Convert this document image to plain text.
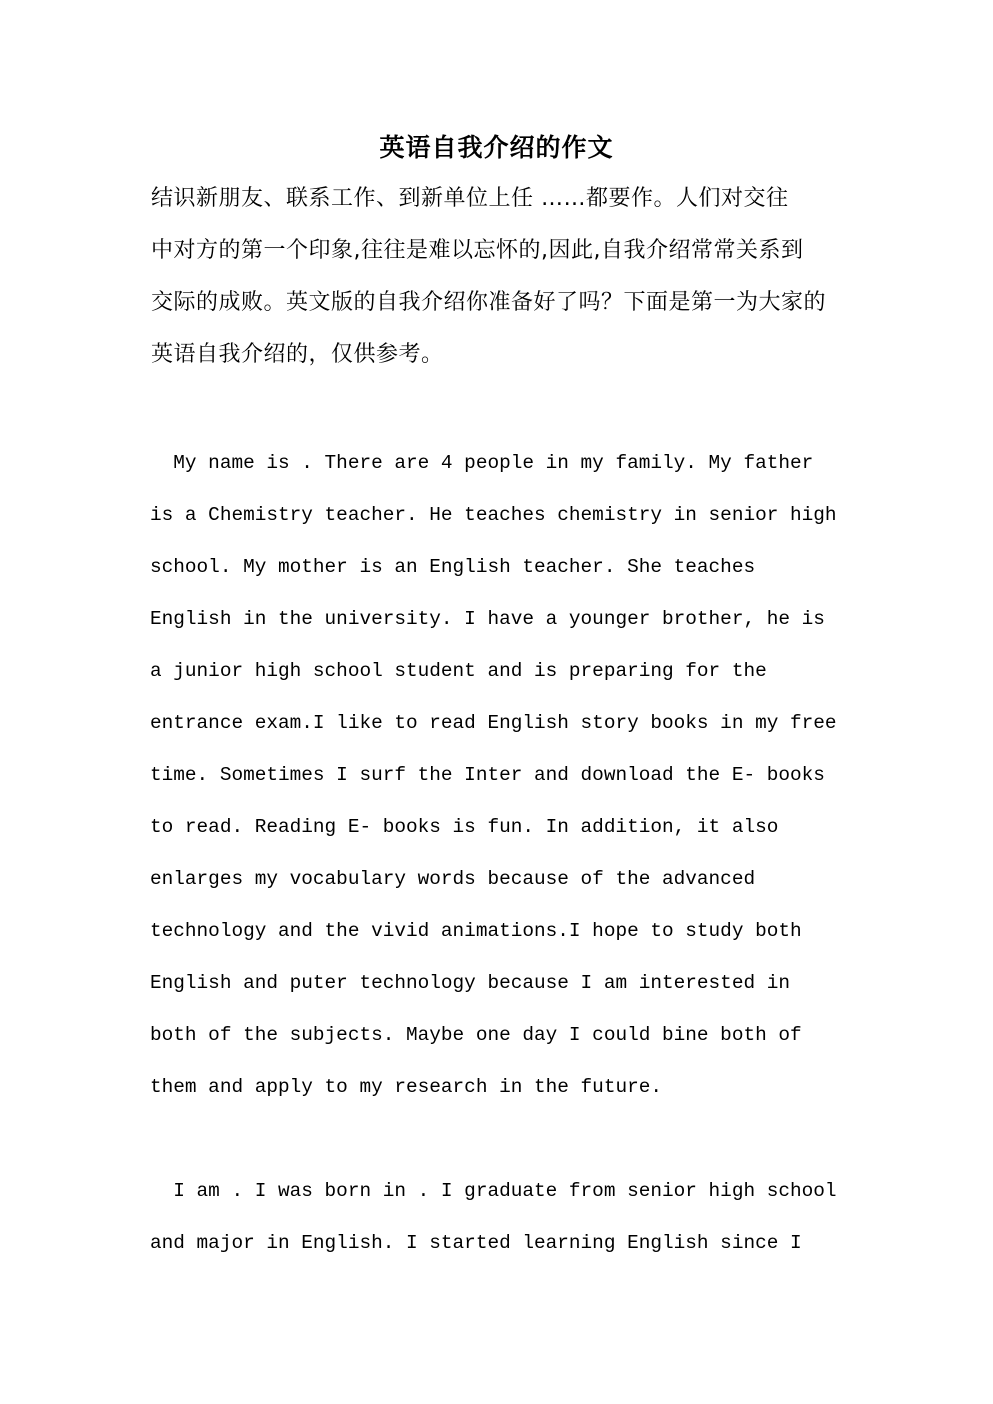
英语自我介绍的作文
结识新朋友、联系工作、到新单位上任 ……都要作。人们对交往
中对方的第一个印象,往往是难以忘怀的,因此,自我介绍常常关系到
交际的成败。英文版的自我介绍你准备好了吗？下面是第一为大家的
英语自我介绍的，仅供参考。
My name is . There are 4 people in my family. My father
is a Chemistry teacher. He teaches chemistry in senior high
school. My mother is an English teacher. She teaches
English in the university. I have a younger brother, he is
a junior high school student and is preparing for the
entrance exam.I like to read English story books in my free
time. Sometimes I surf the Inter and download the E- books
to read. Reading E- books is fun. In addition, it also
enlarges my vocabulary words because of the advanced
technology and the vivid animations.I hope to study both
English and puter technology because I am interested in
both of the subjects. Maybe one day I could bine both of
them and apply to my research in the future.
I am . I was born in . I graduate from senior high school
and major in English. I started learning English since I
